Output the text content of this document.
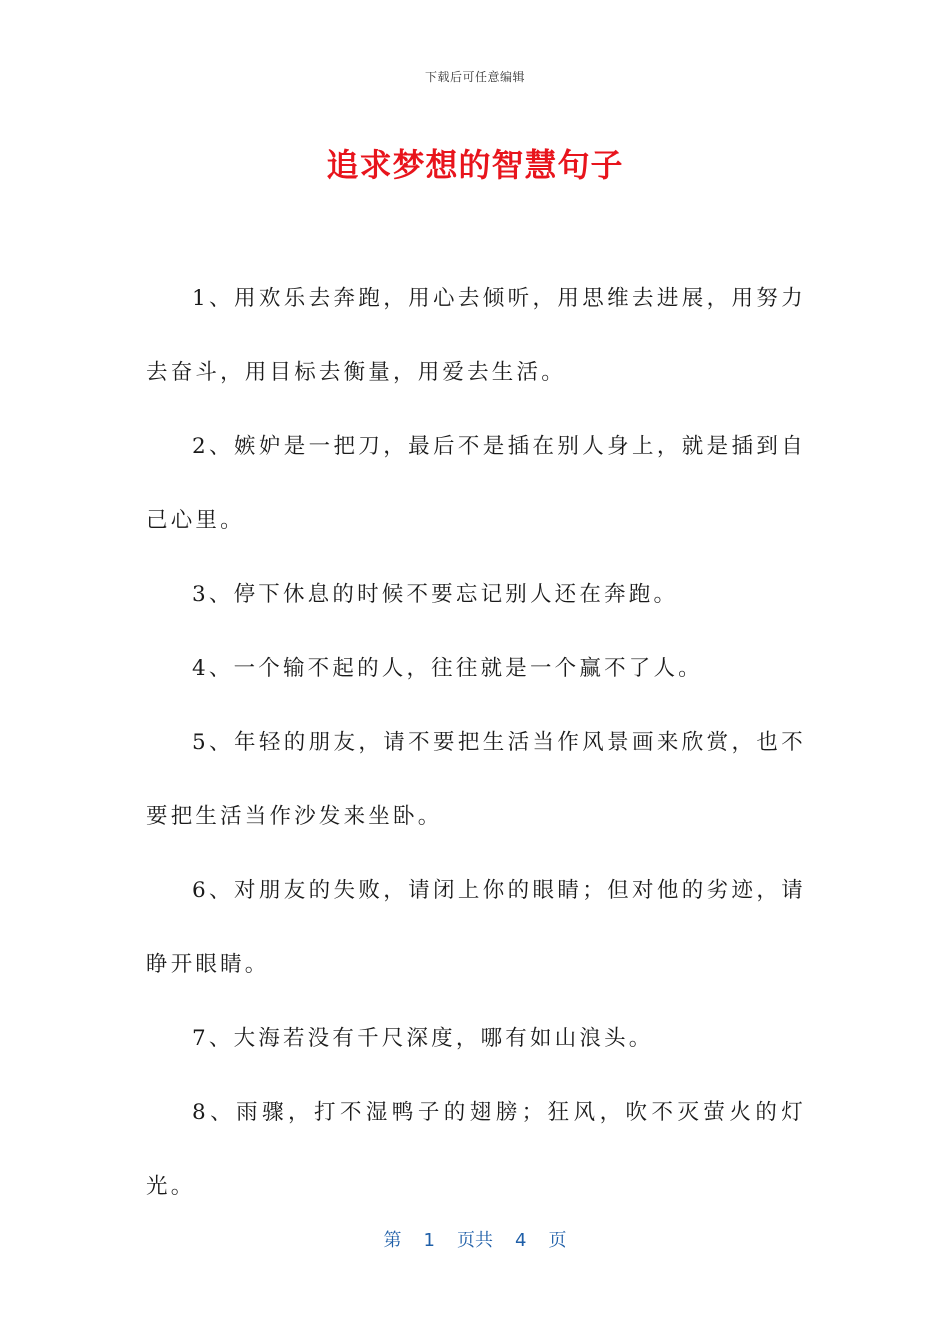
下载后可任意编辑
追求梦想的智慧句子

1、用欢乐去奔跑，用心去倾听，用思维去进展，用努力去奋斗，用目标去衡量，用爱去生活。

2、嫉妒是一把刀，最后不是插在别人身上，就是插到自己心里。

3、停下休息的时候不要忘记别人还在奔跑。

4、一个输不起的人，往往就是一个赢不了人。

5、年轻的朋友，请不要把生活当作风景画来欣赏，也不要把生活当作沙发来坐卧。

6、对朋友的失败，请闭上你的眼睛；但对他的劣迹，请睁开眼睛。

7、大海若没有千尺深度，哪有如山浪头。

8、雨骤，打不湿鸭子的翅膀；狂风，吹不灭萤火的灯光。

第 1 页共 4 页
